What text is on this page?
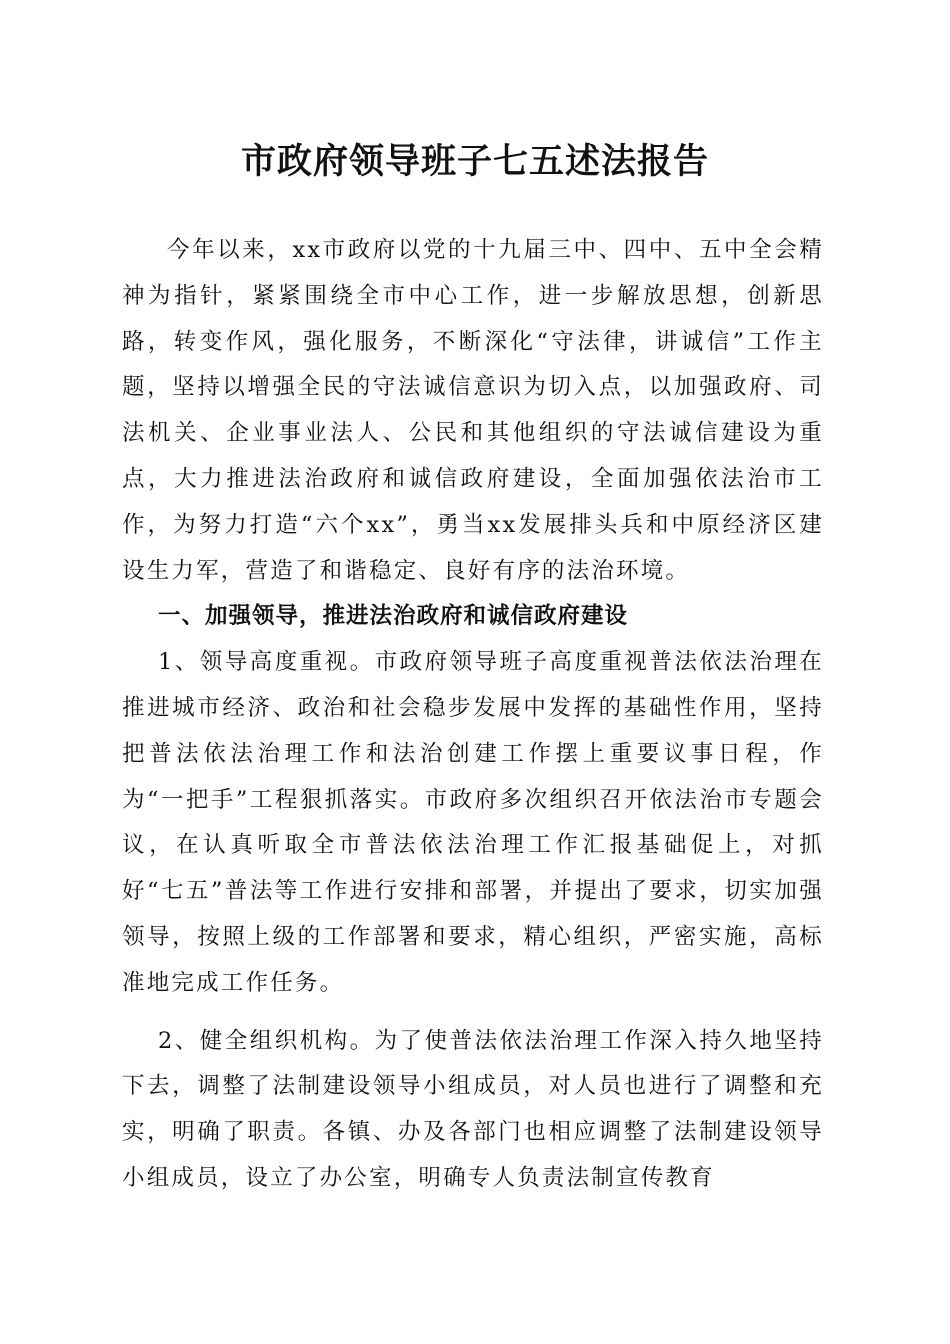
市政府领导班子七五述法报告

今年以来，xx市政府以党的十九届三中、四中、五中全会精神为指针，紧紧围绕全市中心工作，进一步解放思想，创新思路，转变作风，强化服务，不断深化“守法律，讲诚信”工作主题，坚持以增强全民的守法诚信意识为切入点，以加强政府、司法机关、企业事业法人、公民和其他组织的守法诚信建设为重点，大力推进法治政府和诚信政府建设，全面加强依法治市工作，为努力打造“六个xx”，勇当xx发展排头兵和中原经济区建设生力军，营造了和谐稳定、良好有序的法治环境。

一、加强领导，推进法治政府和诚信政府建设

1、领导高度重视。市政府领导班子高度重视普法依法治理在推进城市经济、政治和社会稳步发展中发挥的基础性作用，坚持把普法依法治理工作和法治创建工作摆上重要议事日程，作为“一把手”工程狠抓落实。市政府多次组织召开依法治市专题会议，在认真听取全市普法依法治理工作汇报基础促上，对抓好“七五”普法等工作进行安排和部署，并提出了要求，切实加强领导，按照上级的工作部署和要求，精心组织，严密实施，高标准地完成工作任务。

2、健全组织机构。为了使普法依法治理工作深入持久地坚持下去，调整了法制建设领导小组成员，对人员也进行了调整和充实，明确了职责。各镇、办及各部门也相应调整了法制建设领导小组成员，设立了办公室，明确专人负责法制宣传教育
